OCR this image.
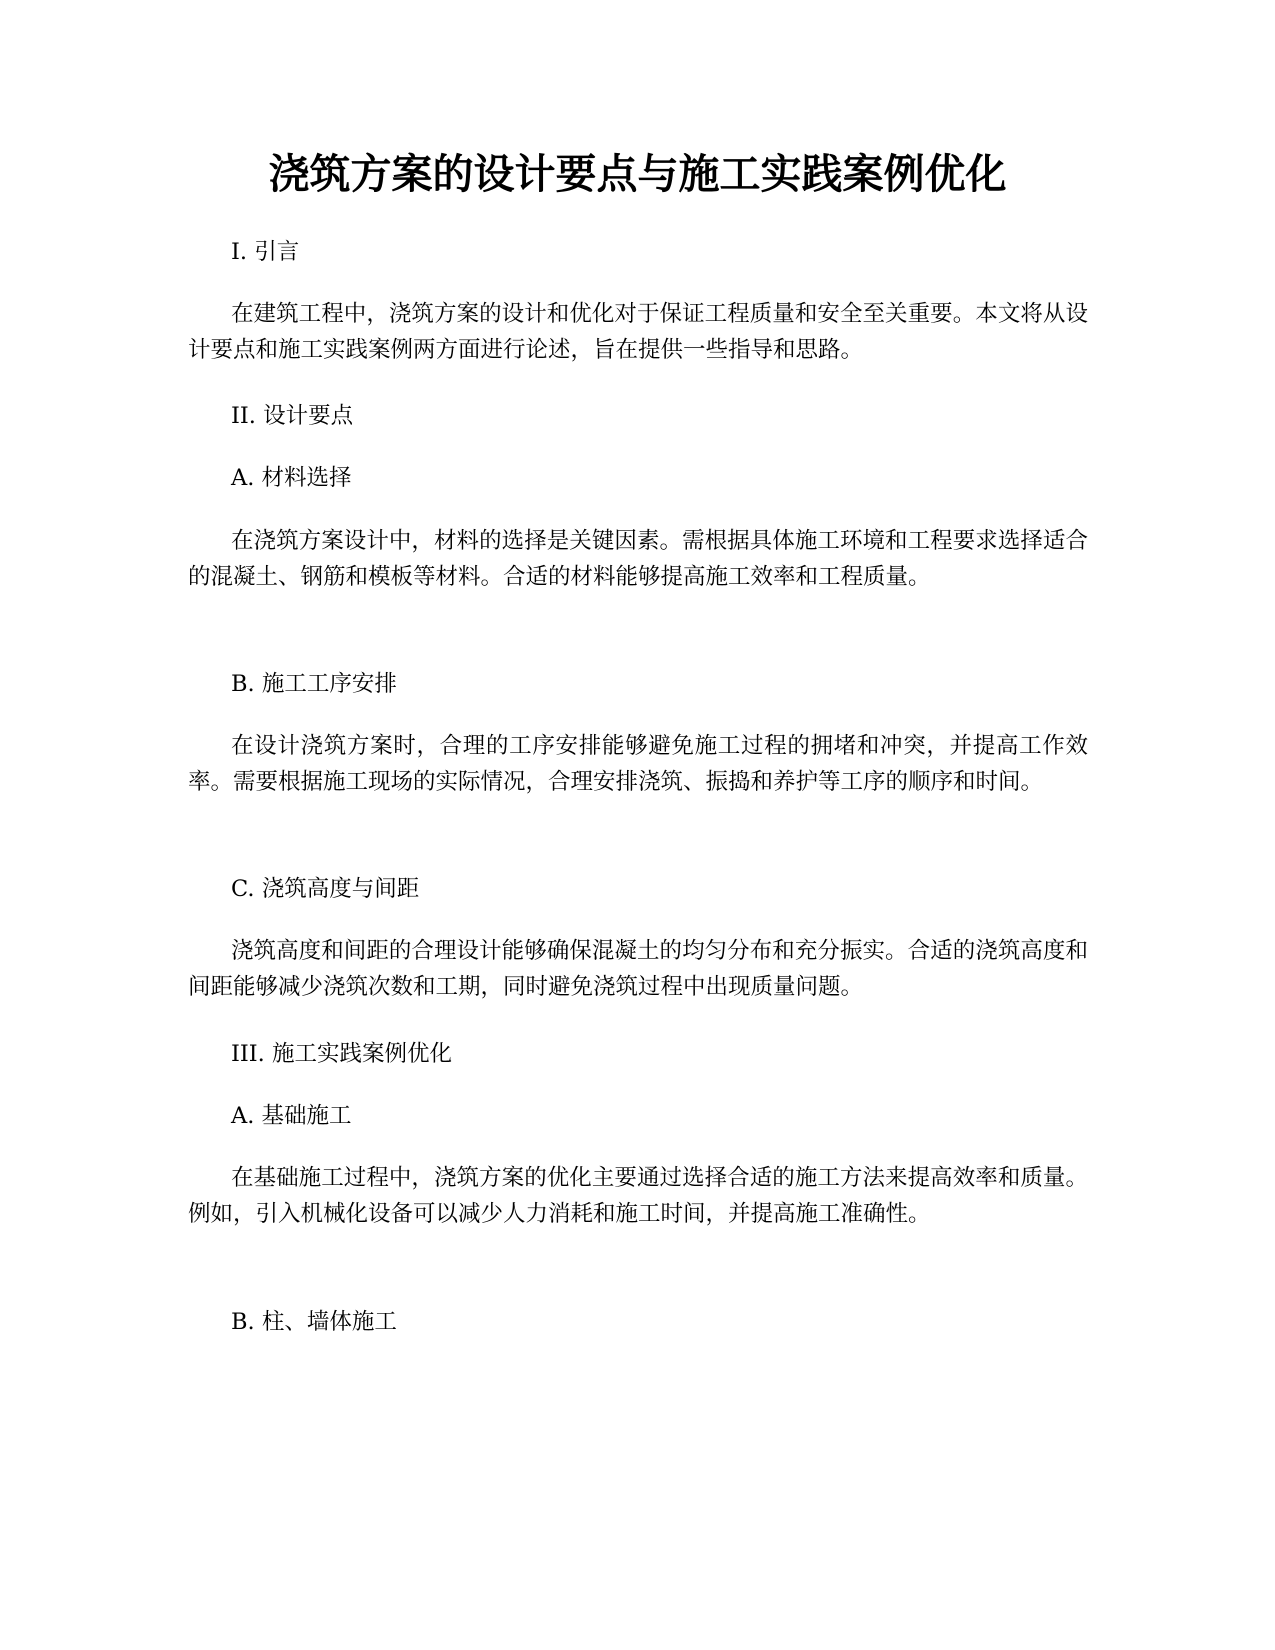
浇筑方案的设计要点与施工实践案例优化

I. 引言

在建筑工程中，浇筑方案的设计和优化对于保证工程质量和安全至关重要。本文将从设计要点和施工实践案例两方面进行论述，旨在提供一些指导和思路。

II. 设计要点

A. 材料选择

在浇筑方案设计中，材料的选择是关键因素。需根据具体施工环境和工程要求选择适合的混凝土、钢筋和模板等材料。合适的材料能够提高施工效率和工程质量。

B. 施工工序安排

在设计浇筑方案时，合理的工序安排能够避免施工过程的拥堵和冲突，并提高工作效率。需要根据施工现场的实际情况，合理安排浇筑、振捣和养护等工序的顺序和时间。

C. 浇筑高度与间距

浇筑高度和间距的合理设计能够确保混凝土的均匀分布和充分振实。合适的浇筑高度和间距能够减少浇筑次数和工期，同时避免浇筑过程中出现质量问题。

III. 施工实践案例优化

A. 基础施工

在基础施工过程中，浇筑方案的优化主要通过选择合适的施工方法来提高效率和质量。例如，引入机械化设备可以减少人力消耗和施工时间，并提高施工准确性。

B. 柱、墙体施工
